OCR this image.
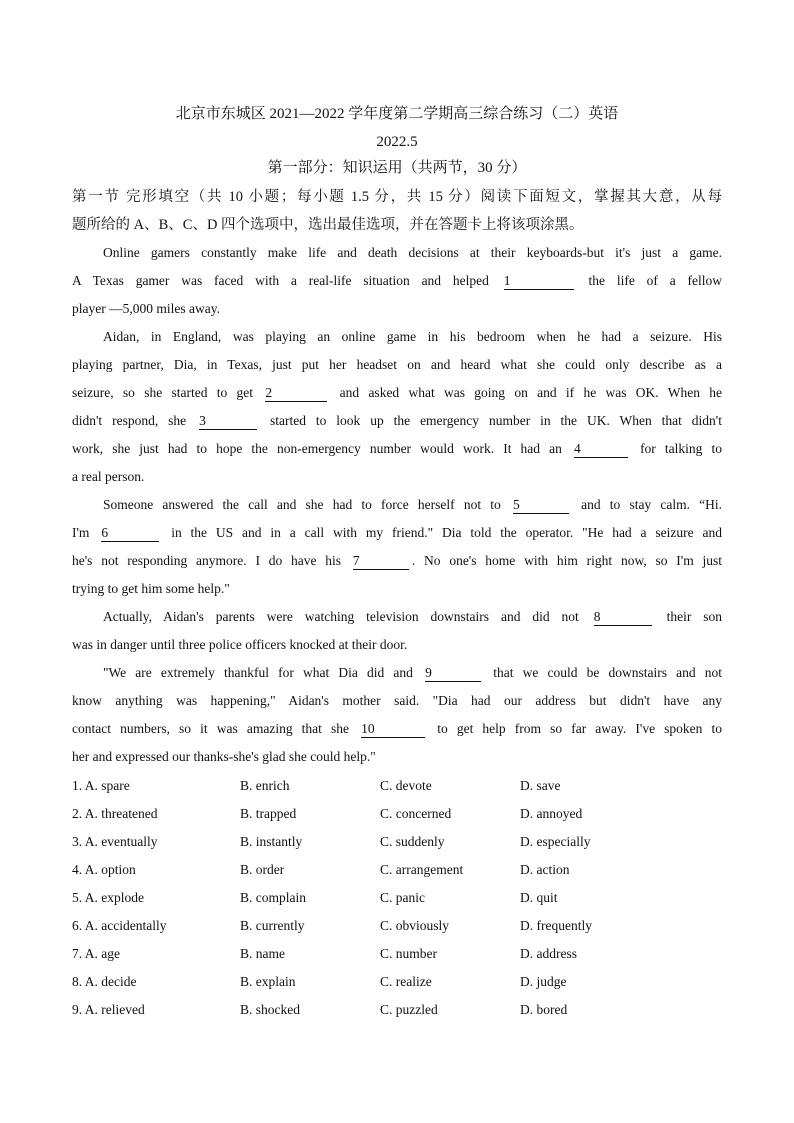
北京市东城区 2021—2022 学年度第二学期高三综合练习（二）英语
2022.5
第一部分：知识运用（共两节，30 分）
第一节 完形填空（共 10 小题；每小题 1.5 分，共 15 分）阅读下面短文，掌握其大意，从每
题所给的 A、B、C、D 四个选项中，选出最佳选项，并在答题卡上将该项涂黑。
Online gamers constantly make life and death decisions at their keyboards-but it's just a game.
A Texas gamer was faced with a real-life situation and helped 1	the life of a fellow
player —5,000 miles away.
Aidan, in England, was playing an online game in his bedroom when he had a seizure. His
playing partner, Dia, in Texas, just put her headset on and heard what she could only describe as a
seizure, so she started to get 2	and asked what was going on and if he was OK. When he
didn't respond, she 3	started to look up the emergency number in the UK. When that didn't
work, she just had to hope the non-emergency number would work. It had an 4	for talking to
a real person.
Someone answered the call and she had to force herself not to 5	and to stay calm. “Hi.
I'm 6	in the US and in a call with my friend." Dia told the operator. "He had a seizure and
he's not responding anymore. I do have his 7	. No one's home with him right now, so I'm just
trying to get him some help."
Actually, Aidan's parents were watching television downstairs and did not 8	their son
was in danger until three police officers knocked at their door.
"We are extremely thankful for what Dia did and 9	that we could be downstairs and not
know anything was happening," Aidan's mother said. "Dia had our address but didn't have any
contact numbers, so it was amazing that she 10	to get help from so far away. I've spoken to
her and expressed our thanks-she's glad she could help."
1. A. spare	B. enrich	C. devote	D. save
2. A. threatened	B. trapped	C. concerned	D. annoyed
3. A. eventually	B. instantly	C. suddenly	D. especially
4. A. option	B. order	C. arrangement	D. action
5. A. explode	B. complain	C. panic	D. quit
6. A. accidentally	B. currently	C. obviously	D. frequently
7. A. age	B. name	C. number	D. address
8. A. decide	B. explain	C. realize	D. judge
9. A. relieved	B. shocked	C. puzzled	D. bored
